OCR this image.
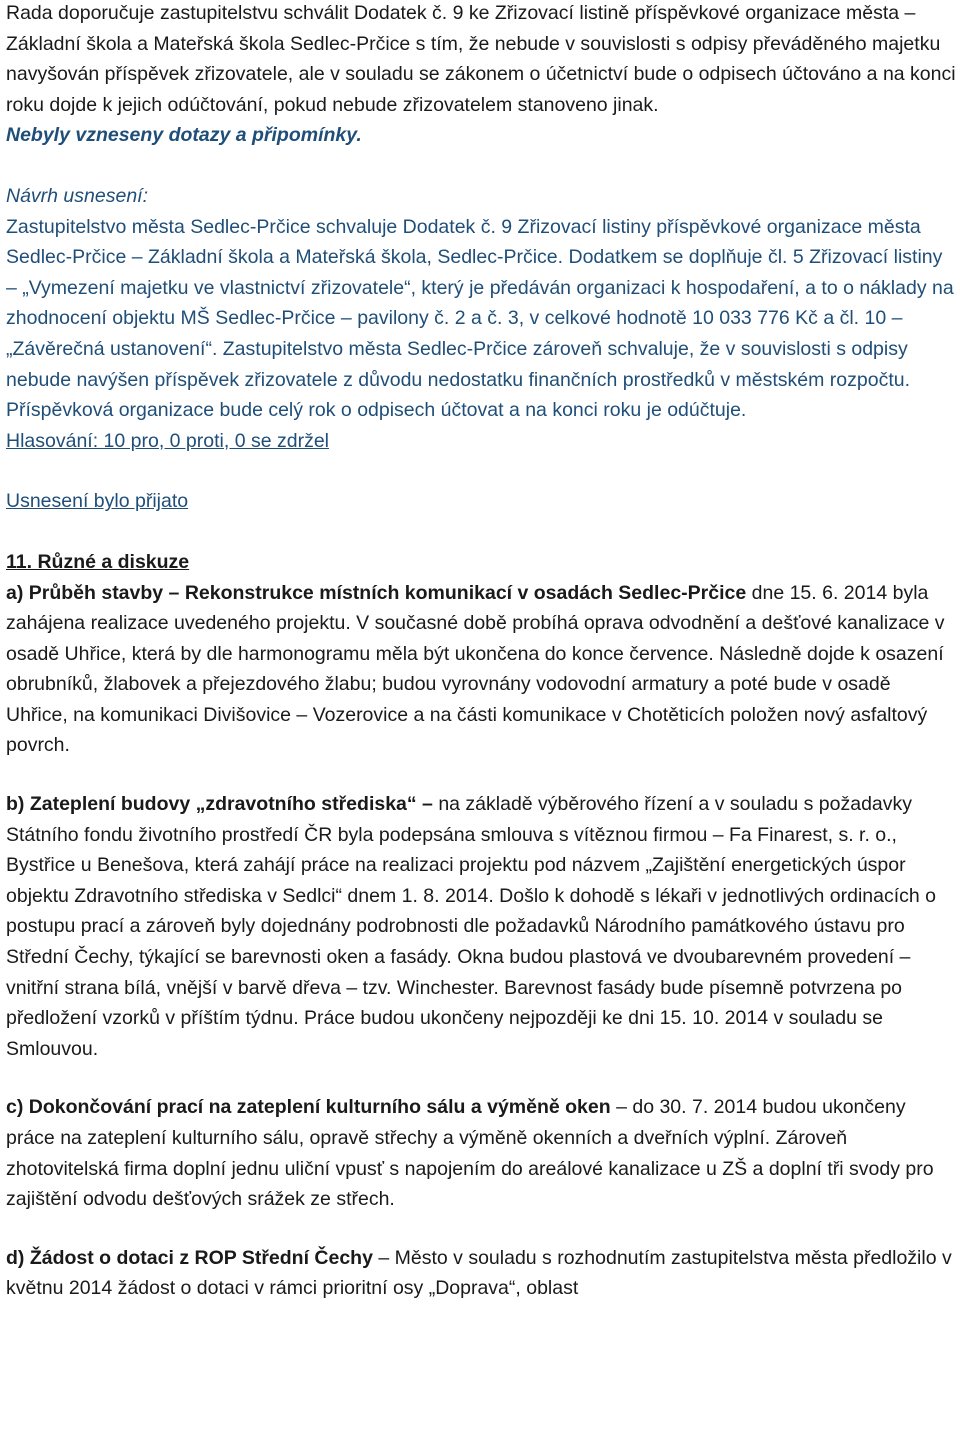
Rada doporučuje zastupitelstvu schválit Dodatek č. 9 ke Zřizovací listině příspěvkové organizace města – Základní škola a Mateřská škola Sedlec-Prčice s tím, že nebude v souvislosti s odpisy převáděného majetku navyšován příspěvek zřizovatele, ale v souladu se zákonem o účetnictví bude o odpisech účtováno a na konci roku dojde k jejich odúčtování, pokud nebude zřizovatelem stanoveno jinak.

Nebyly vzneseny dotazy a připomínky.

Návrh usnesení:

Zastupitelstvo města Sedlec-Prčice schvaluje Dodatek č. 9 Zřizovací listiny příspěvkové organizace města Sedlec-Prčice – Základní škola a Mateřská škola, Sedlec-Prčice. Dodatkem se doplňuje čl. 5 Zřizovací listiny – „Vymezení majetku ve vlastnictví zřizovatele“, který je předáván organizaci k hospodaření, a to o náklady na zhodnocení objektu MŠ Sedlec-Prčice – pavilony č. 2 a č. 3, v celkové hodnotě 10 033 776 Kč a čl. 10 – „Závěrečná ustanovení“. Zastupitelstvo města Sedlec-Prčice zároveň schvaluje, že v souvislosti s odpisy nebude navýšen příspěvek zřizovatele z důvodu nedostatku finančních prostředků v městském rozpočtu. Příspěvková organizace bude celý rok o odpisech účtovat a na konci roku je odúčtuje.

Hlasování: 10 pro, 0 proti, 0 se zdržel

Usnesení bylo přijato

11. Různé a diskuze

a) Průběh stavby – Rekonstrukce místních komunikací v osadách Sedlec-Prčice dne 15. 6. 2014 byla zahájena realizace uvedeného projektu. V současné době probíhá oprava odvodnění a dešťové kanalizace v osadě Uhřice, která by dle harmonogramu měla být ukončena do konce července. Následně dojde k osazení obrubníků, žlabovek a přejezdového žlabu; budou vyrovnány vodovodní armatury a poté bude v osadě Uhřice, na komunikaci Divišovice – Vozerovice a na části komunikace v Chotěticích položen nový asfaltový povrch.

b) Zateplení budovy „zdravotního střediska“ – na základě výběrového řízení a v souladu s požadavky Státního fondu životního prostředí ČR byla podepsána smlouva s vítěznou firmou – Fa Finarest, s. r. o., Bystřice u Benešova, která zahájí práce na realizaci projektu pod názvem „Zajištění energetických úspor objektu Zdravotního střediska v Sedlci“ dnem 1. 8. 2014. Došlo k dohodě s lékaři v jednotlivých ordinacích o postupu prací a zároveň byly dojednány podrobnosti dle požadavků Národního památkového ústavu pro Střední Čechy, týkající se barevnosti oken a fasády. Okna budou plastová ve dvoubarevném provedení – vnitřní strana bílá, vnější v barvě dřeva – tzv. Winchester. Barevnost fasády bude písemně potvrzena po předložení vzorků v příštím týdnu. Práce budou ukončeny nejpozději ke dni 15. 10. 2014 v souladu se Smlouvou.

c) Dokončování prací na zateplení kulturního sálu a výměně oken – do 30. 7. 2014 budou ukončeny práce na zateplení kulturního sálu, opravě střechy a výměně okenních a dveřních výplní. Zároveň zhotovitelská firma doplní jednu uliční vpusť s napojením do areálové kanalizace u ZŠ a doplní tři svody pro zajištění odvodu dešťových srážek ze střech.

d) Žádost o dotaci z ROP Střední Čechy – Město v souladu s rozhodnutím zastupitelstva města předložilo v květnu 2014 žádost o dotaci v rámci prioritní osy „Doprava“, oblast
